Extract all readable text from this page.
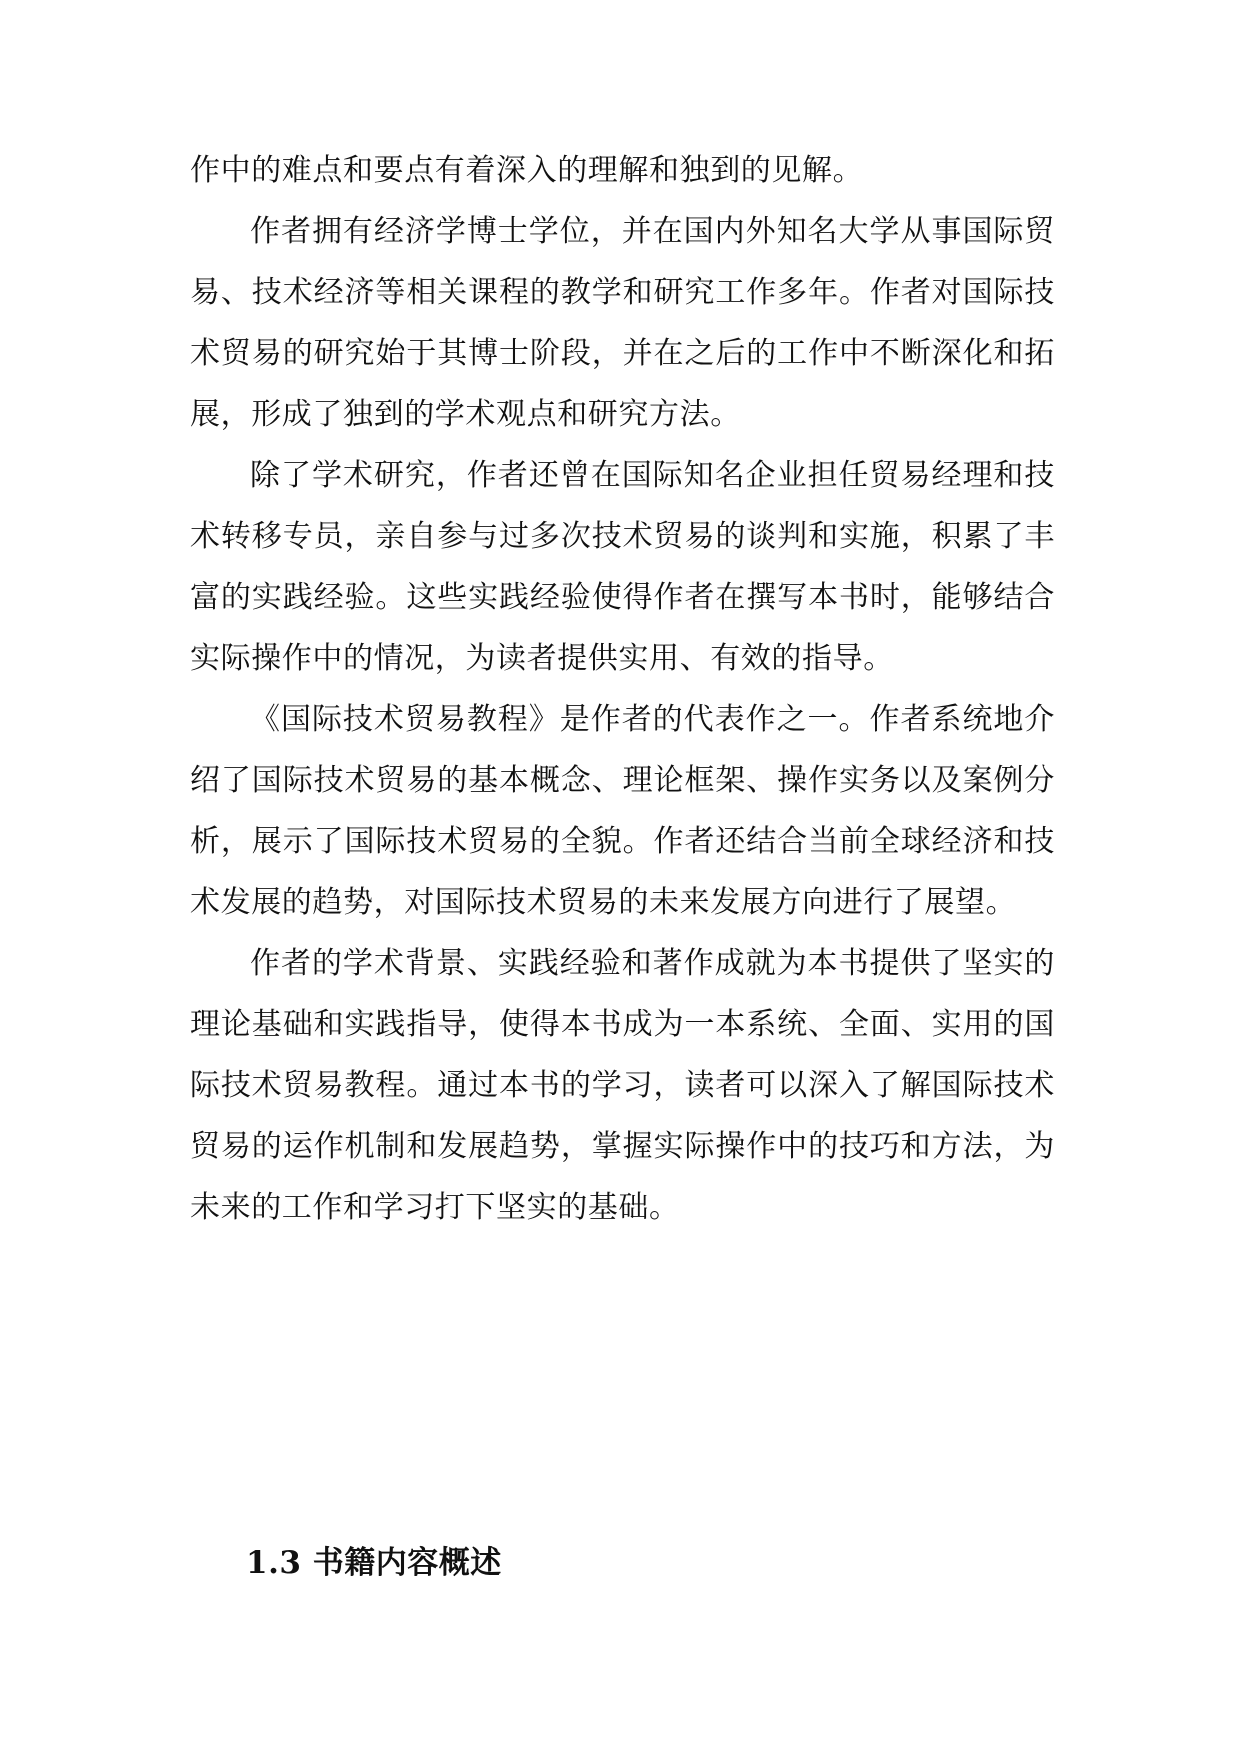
作中的难点和要点有着深入的理解和独到的见解。

作者拥有经济学博士学位，并在国内外知名大学从事国际贸易、技术经济等相关课程的教学和研究工作多年。作者对国际技术贸易的研究始于其博士阶段，并在之后的工作中不断深化和拓展，形成了独到的学术观点和研究方法。

除了学术研究，作者还曾在国际知名企业担任贸易经理和技术转移专员，亲自参与过多次技术贸易的谈判和实施，积累了丰富的实践经验。这些实践经验使得作者在撰写本书时，能够结合实际操作中的情况，为读者提供实用、有效的指导。

《国际技术贸易教程》是作者的代表作之一。作者系统地介绍了国际技术贸易的基本概念、理论框架、操作实务以及案例分析，展示了国际技术贸易的全貌。作者还结合当前全球经济和技术发展的趋势，对国际技术贸易的未来发展方向进行了展望。

作者的学术背景、实践经验和著作成就为本书提供了坚实的理论基础和实践指导，使得本书成为一本系统、全面、实用的国际技术贸易教程。通过本书的学习，读者可以深入了解国际技术贸易的运作机制和发展趋势，掌握实际操作中的技巧和方法，为未来的工作和学习打下坚实的基础。

1.3 书籍内容概述
